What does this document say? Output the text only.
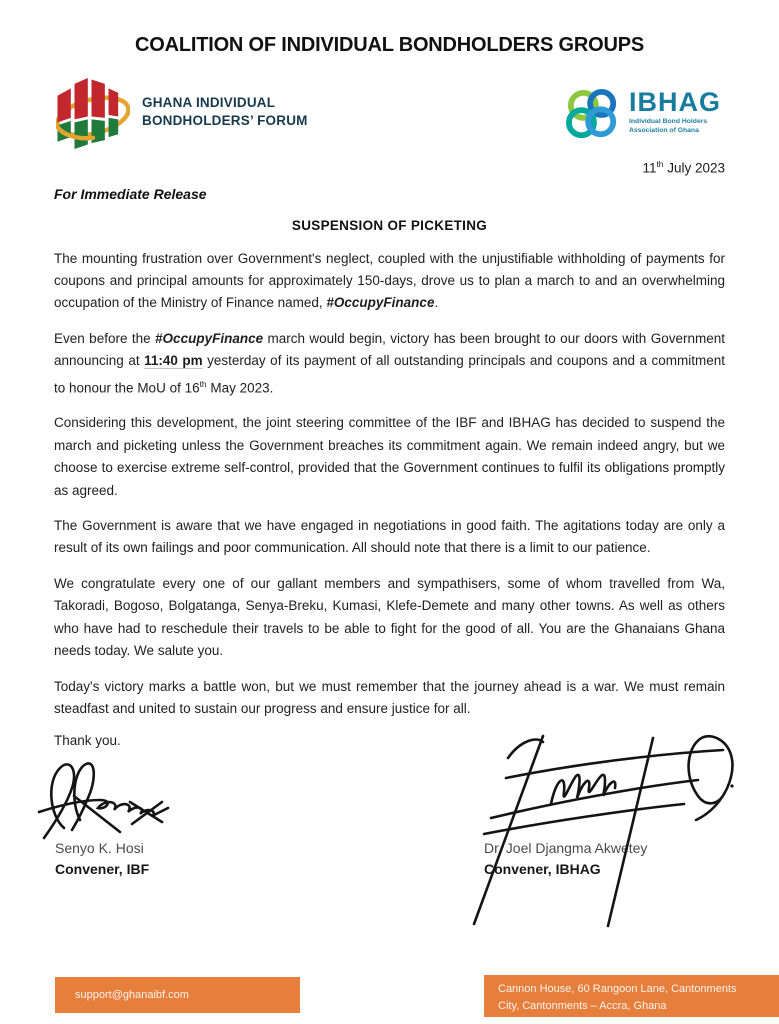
COALITION OF INDIVIDUAL BONDHOLDERS GROUPS
GHANA INDIVIDUAL
BONDHOLDERS’ FORUM
IBHAG
Individual Bond Holders
Association of Ghana
11th July 2023
For Immediate Release
SUSPENSION OF PICKETING

The mounting frustration over Government's neglect, coupled with the unjustifiable withholding of payments for coupons and principal amounts for approximately 150-days, drove us to plan a march to and an overwhelming occupation of the Ministry of Finance named, #OccupyFinance.

Even before the #OccupyFinance march would begin, victory has been brought to our doors with Government announcing at 11:40 pm yesterday of its payment of all outstanding principals and coupons and a commitment to honour the MoU of 16th May 2023.

Considering this development, the joint steering committee of the IBF and IBHAG has decided to suspend the march and picketing unless the Government breaches its commitment again. We remain indeed angry, but we choose to exercise extreme self-control, provided that the Government continues to fulfil its obligations promptly as agreed.

The Government is aware that we have engaged in negotiations in good faith. The agitations today are only a result of its own failings and poor communication. All should note that there is a limit to our patience.

We congratulate every one of our gallant members and sympathisers, some of whom travelled from Wa, Takoradi, Bogoso, Bolgatanga, Senya-Breku, Kumasi, Klefe-Demete and many other towns. As well as others who have had to reschedule their travels to be able to fight for the good of all. You are the Ghanaians Ghana needs today. We salute you.

Today's victory marks a battle won, but we must remember that the journey ahead is a war. We must remain steadfast and united to sustain our progress and ensure justice for all.

Thank you.
Senyo K. Hosi
Convener, IBF
Dr. Joel Djangma Akwetey
Convener, IBHAG
support@ghanaibf.com	Cannon House, 60 Rangoon Lane, Cantonments
City, Cantonments – Accra, Ghana
